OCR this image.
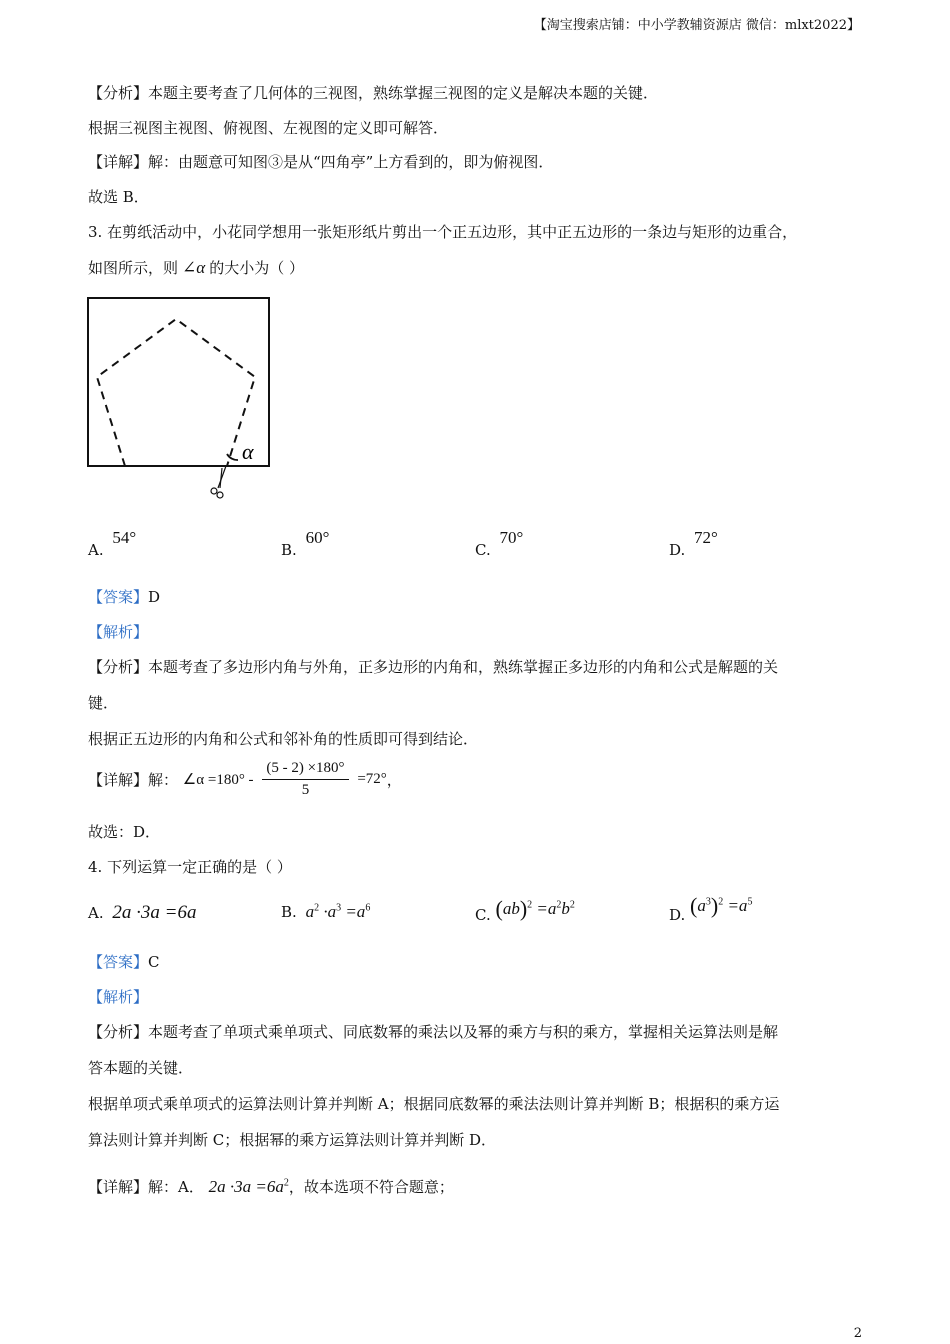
【淘宝搜索店铺：中小学教辅资源店 微信：mlxt2022】
【分析】本题主要考查了几何体的三视图，熟练掌握三视图的定义是解决本题的关键．
根据三视图主视图、俯视图、左视图的定义即可解答．
【详解】解：由题意可知图③是从“四角亭”上方看到的，即为俯视图．
故选 B．
3. 在剪纸活动中，小花同学想用一张矩形纸片剪出一个正五边形，其中正五边形的一条边与矩形的边重合，
如图所示，则 ∠α 的大小为（ ）
α
A. 54°
B. 60°
C. 70°
D. 72°
【答案】D
【解析】
【分析】本题考查了多边形内角与外角，正多边形的内角和，熟练掌握正多边形的内角和公式是解题的关
键．
根据正五边形的内角和公式和邻补角的性质即可得到结论．
【详解】解： ∠α $=180^\circ - \frac{(5 - 2) \times 180^\circ}{5} =72^\circ$，
故选：D．
4. 下列运算一定正确的是（ ）
A. 2a ·3a =6a	B. $a^2 \cdot a^3 =a^6$	C. $(ab)^2 =a^2b^2$
D. $(a^3)^2 =a^5$
【答案】C
【解析】
【分析】本题考查了单项式乘单项式、同底数幂的乘法以及幂的乘方与积的乘方，掌握相关运算法则是解
答本题的关键．
根据单项式乘单项式的运算法则计算并判断 A；根据同底数幂的乘法法则计算并判断 B；根据积的乘方运
算法则计算并判断 C；根据幂的乘方运算法则计算并判断 D．
【详解】解：A． $2a \cdot 3a =6a^2$，故本选项不符合题意；
2
